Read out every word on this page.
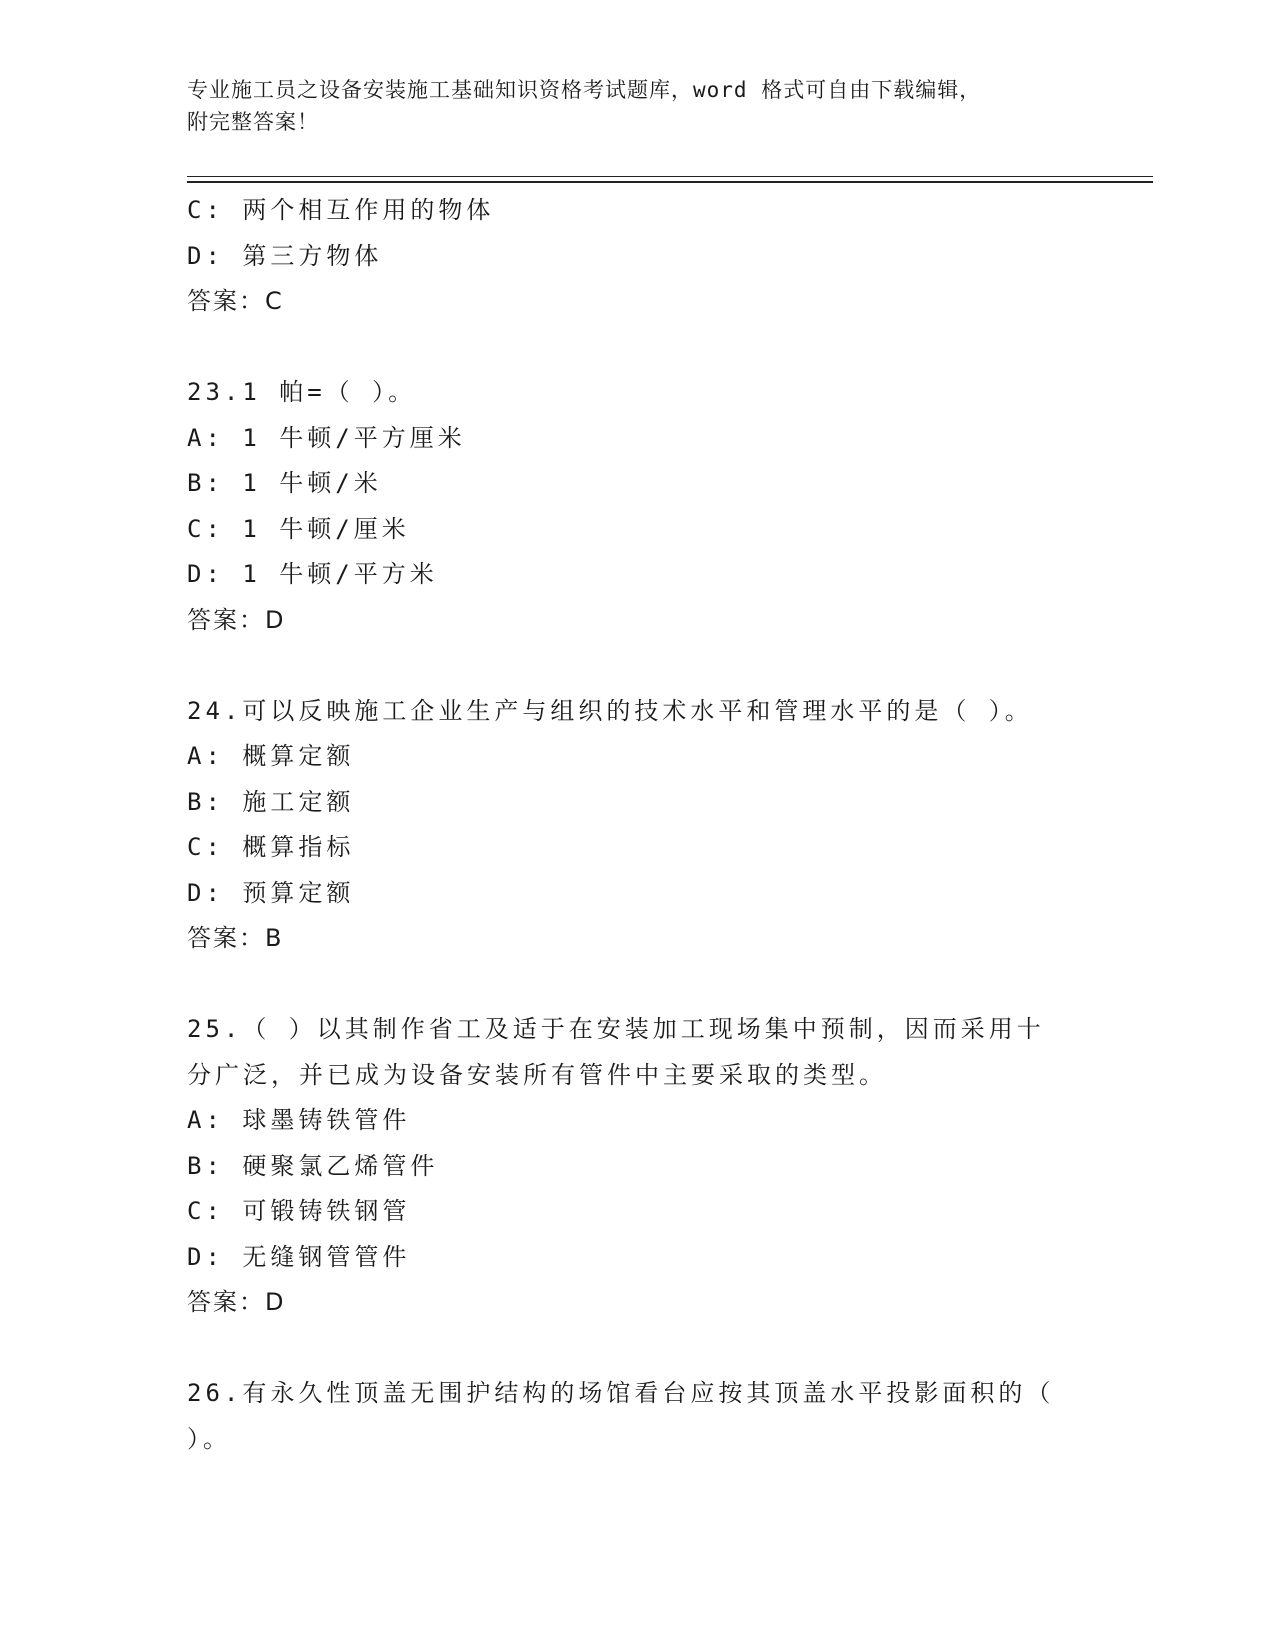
专业施工员之设备安装施工基础知识资格考试题库，word 格式可自由下载编辑，
附完整答案！
C: 两个相互作用的物体
D: 第三方物体
答案：C
23.1 帕=（ ）。
A: 1 牛顿/平方厘米
B: 1 牛顿/米
C: 1 牛顿/厘米
D: 1 牛顿/平方米
答案：D
24.可以反映施工企业生产与组织的技术水平和管理水平的是（ ）。
A: 概算定额
B: 施工定额
C: 概算指标
D: 预算定额
答案：B
25.（ ）以其制作省工及适于在安装加工现场集中预制，因而采用十
分广泛，并已成为设备安装所有管件中主要采取的类型。
A: 球墨铸铁管件
B: 硬聚氯乙烯管件
C: 可锻铸铁钢管
D: 无缝钢管管件
答案：D
26.有永久性顶盖无围护结构的场馆看台应按其顶盖水平投影面积的（
）。
